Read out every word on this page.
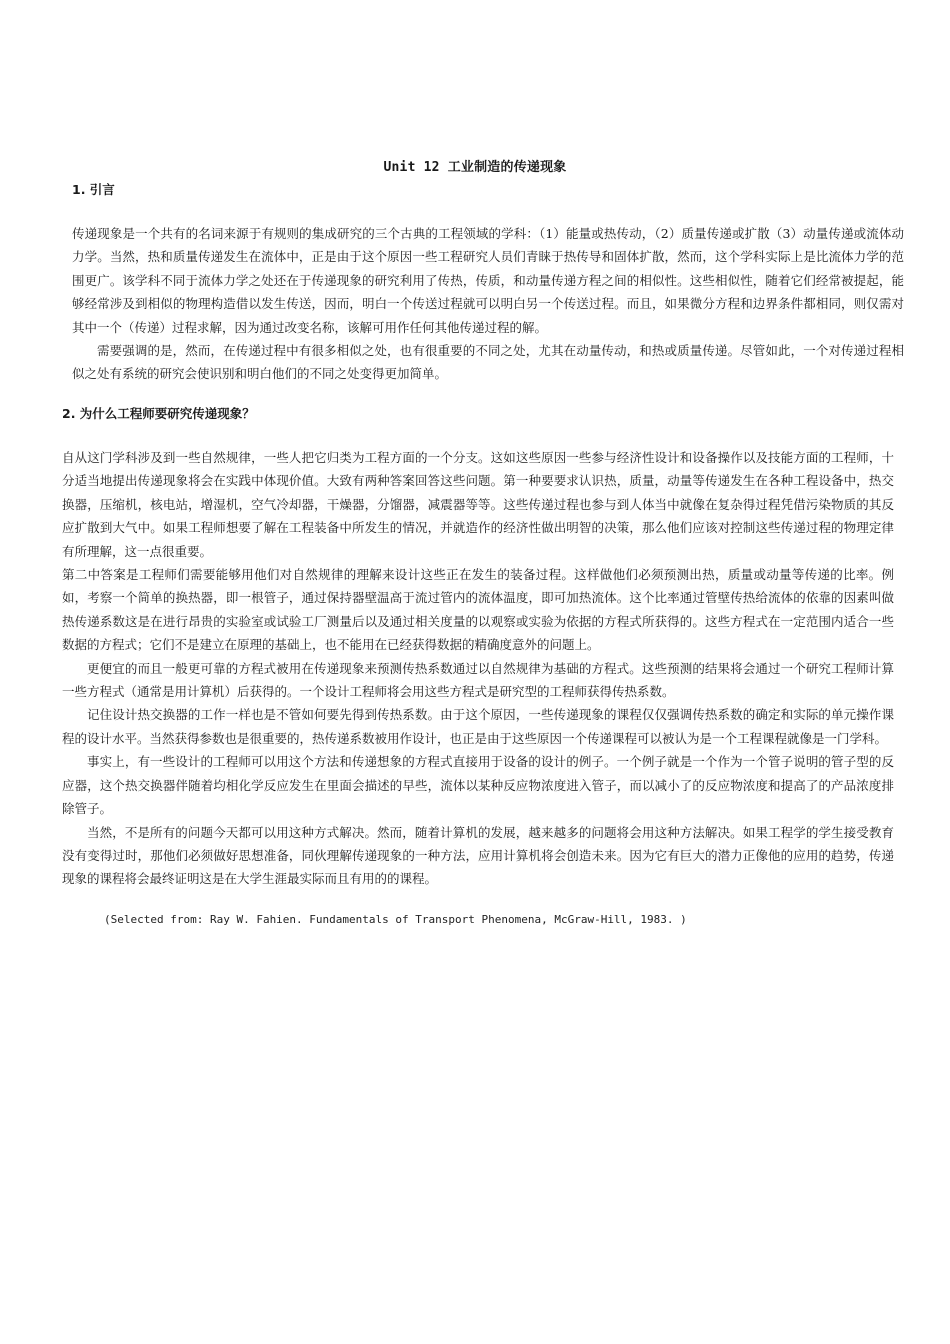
Unit 12 工业制造的传递现象
1. 引言

传递现象是一个共有的名词来源于有规则的集成研究的三个古典的工程领域的学科：（1）能量或热传动，（2）质量传递或扩散（3）动量传递或流体动力学。当然，热和质量传递发生在流体中，正是由于这个原因一些工程研究人员们青睐于热传导和固体扩散，然而，这个学科实际上是比流体力学的范围更广。该学科不同于流体力学之处还在于传递现象的研究利用了传热，传质，和动量传递方程之间的相似性。这些相似性，随着它们经常被提起，能够经常涉及到相似的物理构造借以发生传送，因而，明白一个传送过程就可以明白另一个传送过程。而且，如果微分方程和边界条件都相同，则仅需对其中一个（传递）过程求解，因为通过改变名称，该解可用作任何其他传递过程的解。

需要强调的是，然而，在传递过程中有很多相似之处，也有很重要的不同之处，尤其在动量传动，和热或质量传递。尽管如此，一个对传递过程相似之处有系统的研究会使识别和明白他们的不同之处变得更加简单。

2. 为什么工程师要研究传递现象？

自从这门学科涉及到一些自然规律，一些人把它归类为工程方面的一个分支。这如这些原因一些参与经济性设计和设备操作以及技能方面的工程师，十分适当地提出传递现象将会在实践中体现价值。大致有两种答案回答这些问题。第一种要要求认识热，质量，动量等传递发生在各种工程设备中，热交换器，压缩机，核电站，增湿机，空气冷却器，干燥器，分馏器，减震器等等。这些传递过程也参与到人体当中就像在复杂得过程凭借污染物质的其反应扩散到大气中。如果工程师想要了解在工程装备中所发生的情况，并就造作的经济性做出明智的决策，那么他们应该对控制这些传递过程的物理定律有所理解，这一点很重要。

第二中答案是工程师们需要能够用他们对自然规律的理解来设计这些正在发生的装备过程。这样做他们必须预测出热，质量或动量等传递的比率。例如，考察一个简单的换热器，即一根管子，通过保持器壁温高于流过管内的流体温度，即可加热流体。这个比率通过管壁传热给流体的依靠的因素叫做热传递系数这是在进行昂贵的实验室或试验工厂测量后以及通过相关度量的以观察或实验为依据的方程式所获得的。这些方程式在一定范围内适合一些数据的方程式；它们不是建立在原理的基础上，也不能用在已经获得数据的精确度意外的问题上。

更便宜的而且一般更可靠的方程式被用在传递现象来预测传热系数通过以自然规律为基础的方程式。这些预测的结果将会通过一个研究工程师计算一些方程式（通常是用计算机）后获得的。一个设计工程师将会用这些方程式是研究型的工程师获得传热系数。

记住设计热交换器的工作一样也是不管如何要先得到传热系数。由于这个原因，一些传递现象的课程仅仅强调传热系数的确定和实际的单元操作课程的设计水平。当然获得参数也是很重要的，热传递系数被用作设计，也正是由于这些原因一个传递课程可以被认为是一个工程课程就像是一门学科。

事实上，有一些设计的工程师可以用这个方法和传递想象的方程式直接用于设备的设计的例子。一个例子就是一个作为一个管子说明的管子型的反应器，这个热交换器伴随着均相化学反应发生在里面会描述的早些，流体以某种反应物浓度进入管子，而以减小了的反应物浓度和提高了的产品浓度排除管子。

当然，不是所有的问题今天都可以用这种方式解决。然而，随着计算机的发展，越来越多的问题将会用这种方法解决。如果工程学的学生接受教育没有变得过时，那他们必须做好思想准备，同伙理解传递现象的一种方法，应用计算机将会创造未来。因为它有巨大的潜力正像他的应用的趋势，传递现象的课程将会最终证明这是在大学生涯最实际而且有用的的课程。

(Selected from: Ray W. Fahien. Fundamentals of Transport Phenomena, McGraw-Hill, 1983. )
